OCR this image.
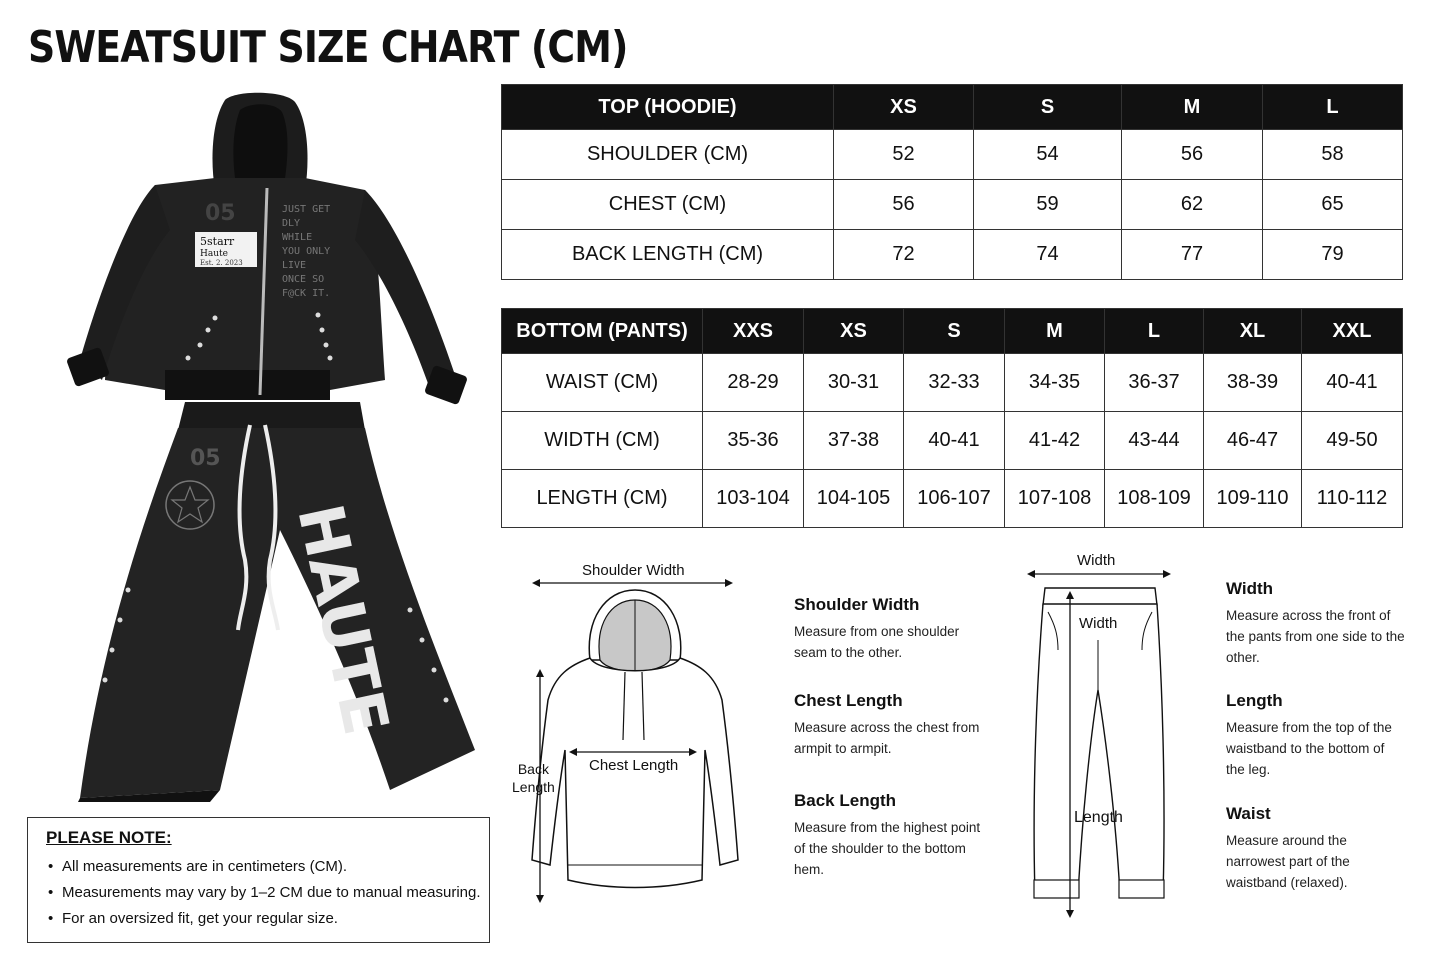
SWEATSUIT SIZE CHART (CM)
5starr
Haute
Est. 2. 2023
05	JUST GET
DLY
WHILE
YOU ONLY
LIVE
ONCE SO
F@CK IT.
05
HAUTE
TOP (HOODIE)	XS	S	M	L
SHOULDER (CM)	52	54	56	58
CHEST (CM)	56	59	62	65
BACK LENGTH (CM)	72	74	77	79
BOTTOM (PANTS)	XXS	XS	S	M	L	XL	XXL
WAIST (CM)	28-29	30-31	32-33	34-35	36-37	38-39	40-41
WIDTH (CM)	35-36	37-38	40-41	41-42	43-44	46-47	49-50
LENGTH (CM)	103-104	104-105	106-107	107-108	108-109	109-110	110-112
PLEASE NOTE:
• All measurements are in centimeters (CM).
• Measurements may vary by 1–2 CM due to manual measuring.
• For an oversized fit, get your regular size.
Shoulder Width
Chest Length
Back
Length
Shoulder Width

Measure from one shoulder seam to the other.

Chest Length

Measure across the chest from armpit to armpit.

Back Length

Measure from the highest point of the shoulder to the bottom hem.

Width
Width
Length
Width

Measure across the front of the pants from one side to the other.

Length

Measure from the top of the waistband to the bottom of the leg.

Waist

Measure around the narrowest part of the waistband (relaxed).
